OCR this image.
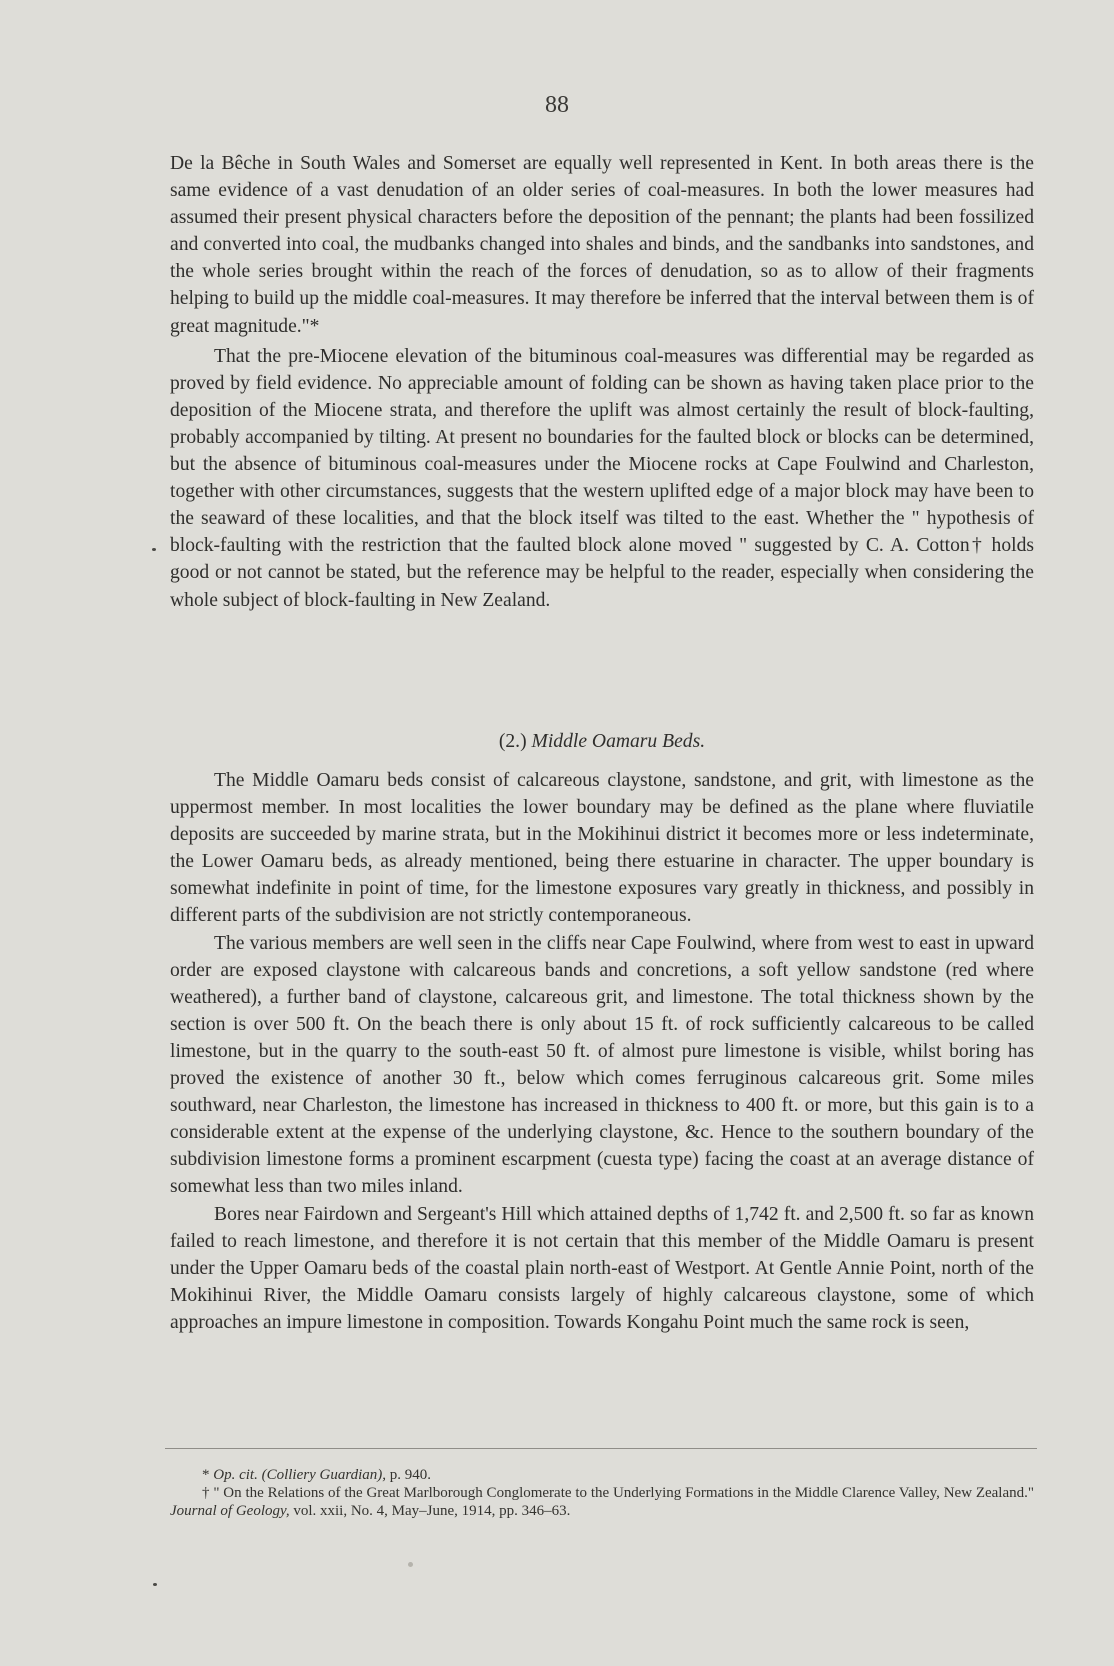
88

De la Bêche in South Wales and Somerset are equally well represented in Kent. In both areas there is the same evidence of a vast denudation of an older series of coal-measures. In both the lower measures had assumed their present physical characters before the deposition of the pennant; the plants had been fossilized and converted into coal, the mudbanks changed into shales and binds, and the sandbanks into sandstones, and the whole series brought within the reach of the forces of denudation, so as to allow of their fragments helping to build up the middle coal-measures. It may therefore be inferred that the interval between them is of great magnitude."*

That the pre-Miocene elevation of the bituminous coal-measures was differential may be regarded as proved by field evidence. No appreciable amount of folding can be shown as having taken place prior to the deposition of the Miocene strata, and therefore the uplift was almost certainly the result of block-faulting, probably accompanied by tilting. At present no boundaries for the faulted block or blocks can be determined, but the absence of bituminous coal-measures under the Miocene rocks at Cape Foulwind and Charleston, together with other circumstances, suggests that the western uplifted edge of a major block may have been to the seaward of these localities, and that the block itself was tilted to the east. Whether the " hypothesis of block-faulting with the restriction that the faulted block alone moved " suggested by C. A. Cotton† holds good or not cannot be stated, but the reference may be helpful to the reader, especially when considering the whole subject of block-faulting in New Zealand.

(2.) Middle Oamaru Beds.

The Middle Oamaru beds consist of calcareous claystone, sandstone, and grit, with limestone as the uppermost member. In most localities the lower boundary may be defined as the plane where fluviatile deposits are succeeded by marine strata, but in the Mokihinui district it becomes more or less indeterminate, the Lower Oamaru beds, as already mentioned, being there estuarine in character. The upper boundary is somewhat indefinite in point of time, for the limestone exposures vary greatly in thickness, and possibly in different parts of the subdivision are not strictly contemporaneous.

The various members are well seen in the cliffs near Cape Foulwind, where from west to east in upward order are exposed claystone with calcareous bands and concretions, a soft yellow sandstone (red where weathered), a further band of claystone, calcareous grit, and limestone. The total thickness shown by the section is over 500 ft. On the beach there is only about 15 ft. of rock sufficiently calcareous to be called limestone, but in the quarry to the south-east 50 ft. of almost pure limestone is visible, whilst boring has proved the existence of another 30 ft., below which comes ferruginous calcareous grit. Some miles southward, near Charleston, the limestone has increased in thickness to 400 ft. or more, but this gain is to a considerable extent at the expense of the underlying claystone, &c. Hence to the southern boundary of the subdivision limestone forms a prominent escarpment (cuesta type) facing the coast at an average distance of somewhat less than two miles inland.

Bores near Fairdown and Sergeant's Hill which attained depths of 1,742 ft. and 2,500 ft. so far as known failed to reach limestone, and therefore it is not certain that this member of the Middle Oamaru is present under the Upper Oamaru beds of the coastal plain north-east of Westport. At Gentle Annie Point, north of the Mokihinui River, the Middle Oamaru consists largely of highly calcareous claystone, some of which approaches an impure limestone in composition. Towards Kongahu Point much the same rock is seen,

* Op. cit. (Colliery Guardian), p. 940.

† " On the Relations of the Great Marlborough Conglomerate to the Underlying Formations in the Middle Clarence Valley, New Zealand." Journal of Geology, vol. xxii, No. 4, May–June, 1914, pp. 346–63.
